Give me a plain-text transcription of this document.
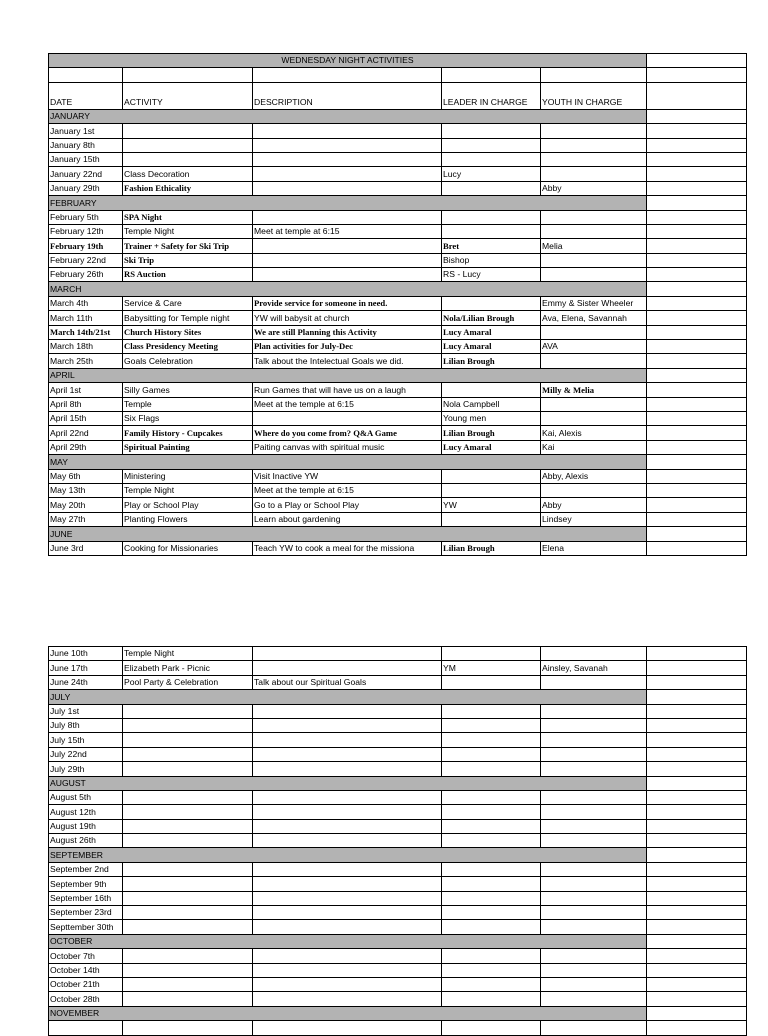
WEDNESDAY NIGHT ACTIVITIES					

DATE	ACTIVITY	DESCRIPTION	LEADER IN CHARGE	YOUTH IN CHARGE	
JANUARY					
January 1st					
January 8th					
January 15th					
January 22nd	Class Decoration		Lucy		
January 29th	Fashion Ethicality			Abby	
FEBRUARY					
February 5th	SPA Night				
February 12th	Temple Night	Meet at temple at 6:15			
February 19th	Trainer + Safety for Ski Trip		Bret	Melia	
February 22nd	Ski Trip		Bishop		
February 26th	RS Auction		RS - Lucy		
MARCH					
March 4th	Service & Care	Provide service for someone in need.		Emmy & Sister Wheeler	
March 11th	Babysitting for Temple night	YW will babysit at church	Nola/Lilian Brough	Ava, Elena, Savannah	
March 14th/21st	Church History Sites	We are still Planning this Activity	Lucy Amaral		
March 18th	Class Presidency Meeting	Plan activities for July-Dec	Lucy Amaral	AVA	
March 25th	Goals Celebration	Talk about the Intelectual Goals we did.	Lilian Brough		
APRIL					
April 1st	Silly Games	Run Games that will have us on a laugh		Milly & Melia	
April 8th	Temple	Meet at the temple at 6:15	Nola Campbell		
April 15th	Six Flags		Young men		
April 22nd	Family History - Cupcakes	Where do you come from? Q&A Game	Lilian Brough	Kai, Alexis	
April 29th	Spiritual Painting	Paiting canvas with spiritual music	Lucy Amaral	Kai	
MAY					
May 6th	Ministering	Visit Inactive YW		Abby, Alexis	
May 13th	Temple Night	Meet at the temple at 6:15			
May 20th	Play or School Play	Go to a Play or School Play	YW	Abby	
May 27th	Planting Flowers	Learn about gardening		Lindsey	
JUNE					
June 3rd	Cooking for Missionaries	Teach YW to cook a meal for the missiona	Lilian Brough	Elena	
June 10th	Temple Night				
June 17th	Elizabeth Park - Picnic		YM	Ainsley, Savanah	
June 24th	Pool Party & Celebration	Talk about our Spiritual Goals			
JULY					
July 1st					
July 8th					
July 15th					
July 22nd					
July 29th					
AUGUST					
August 5th					
August 12th					
August 19th					
August 26th					
SEPTEMBER					
September 2nd					
September 9th					
September 16th					
September 23rd					
Septtember 30th					
OCTOBER					
October 7th					
October 14th					
October 21th					
October 28th					
NOVEMBER					
